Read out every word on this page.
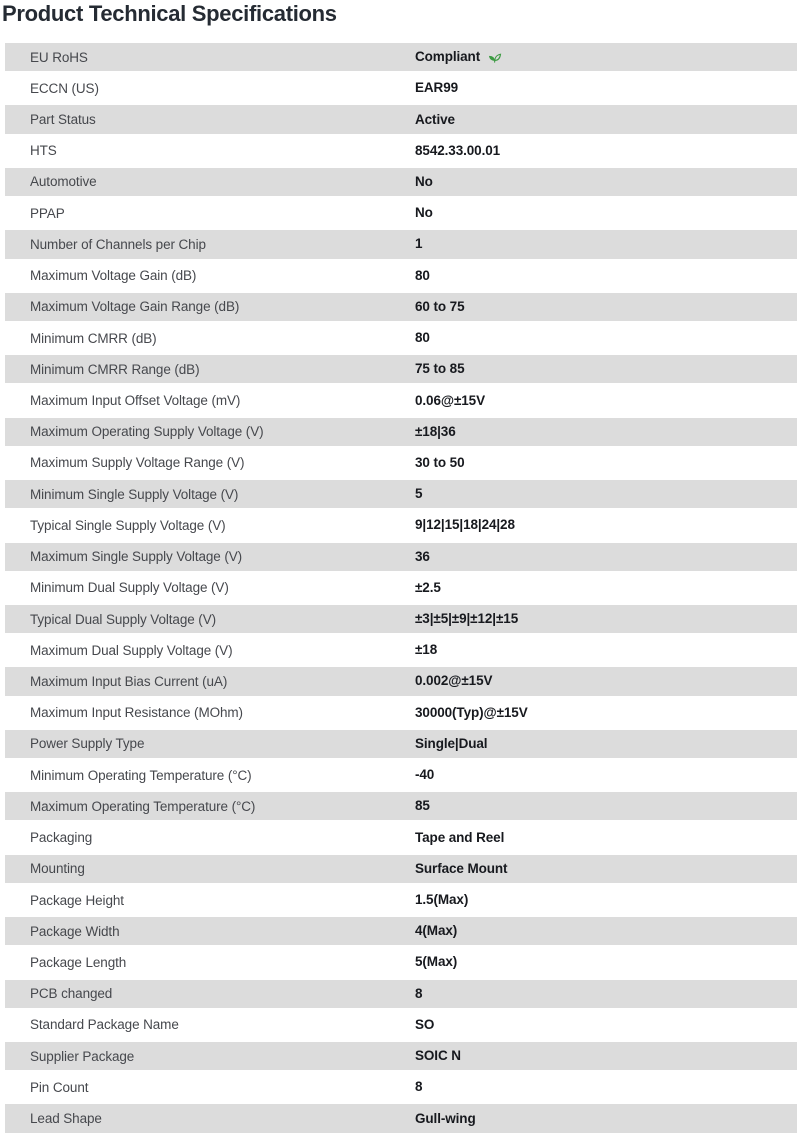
Product Technical Specifications
EU RoHS	Compliant
ECCN (US)	EAR99
Part Status	Active
HTS	8542.33.00.01
Automotive	No
PPAP	No
Number of Channels per Chip	1
Maximum Voltage Gain (dB)	80
Maximum Voltage Gain Range (dB)	60 to 75
Minimum CMRR (dB)	80
Minimum CMRR Range (dB)	75 to 85
Maximum Input Offset Voltage (mV)	0.06@±15V
Maximum Operating Supply Voltage (V)	±18|36
Maximum Supply Voltage Range (V)	30 to 50
Minimum Single Supply Voltage (V)	5
Typical Single Supply Voltage (V)	9|12|15|18|24|28
Maximum Single Supply Voltage (V)	36
Minimum Dual Supply Voltage (V)	±2.5
Typical Dual Supply Voltage (V)	±3|±5|±9|±12|±15
Maximum Dual Supply Voltage (V)	±18
Maximum Input Bias Current (uA)	0.002@±15V
Maximum Input Resistance (MOhm)	30000(Typ)@±15V
Power Supply Type	Single|Dual
Minimum Operating Temperature (°C)	-40
Maximum Operating Temperature (°C)	85
Packaging	Tape and Reel
Mounting	Surface Mount
Package Height	1.5(Max)
Package Width	4(Max)
Package Length	5(Max)
PCB changed	8
Standard Package Name	SO
Supplier Package	SOIC N
Pin Count	8
Lead Shape	Gull-wing
